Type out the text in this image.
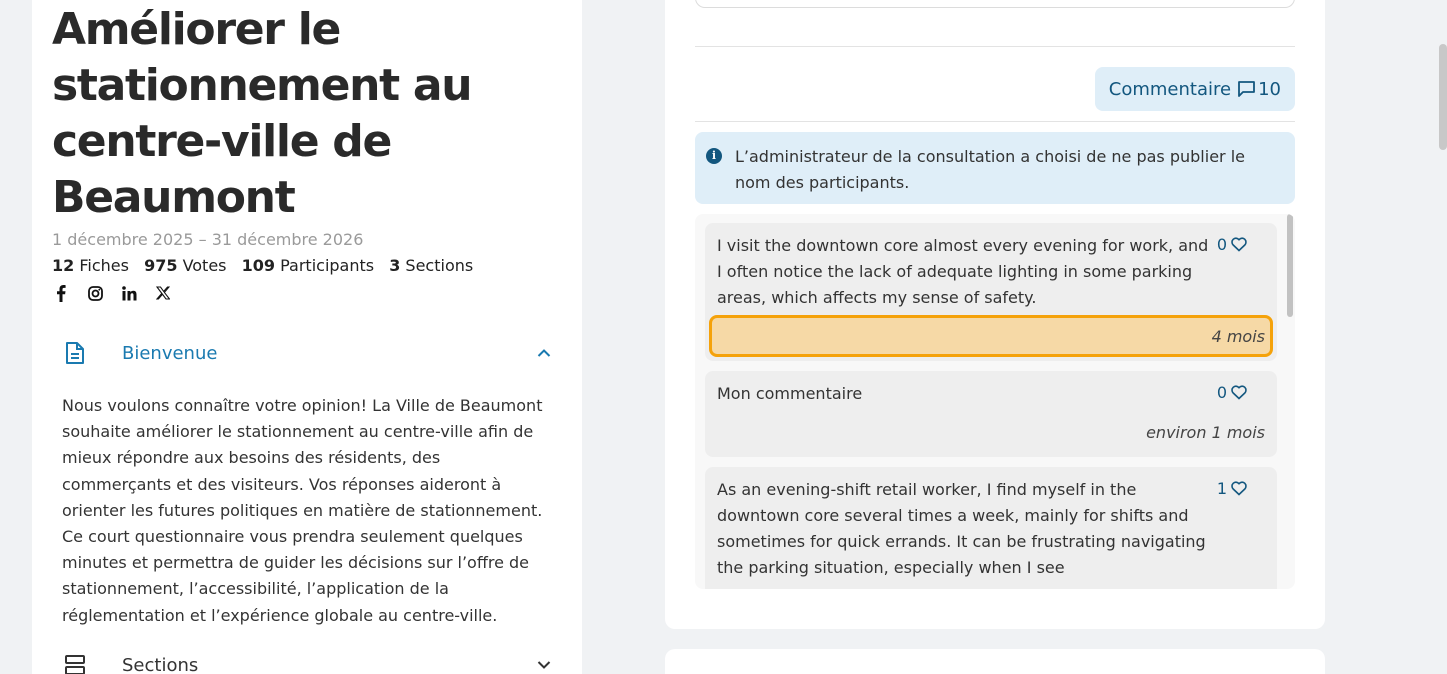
Améliorer le stationnement au centre-ville de Beaumont
1 décembre 2025 – 31 décembre 2026
12 Fiches 975 Votes 109 Participants 3 Sections
Bienvenue

Nous voulons connaître votre opinion! La Ville de Beaumont souhaite améliorer le stationnement au centre-ville afin de mieux répondre aux besoins des résidents, des commerçants et des visiteurs. Vos réponses aideront à orienter les futures politiques en matière de stationnement. Ce court questionnaire vous prendra seulement quelques minutes et permettra de guider les décisions sur l’offre de stationnement, l’accessibilité, l’application de la réglementation et l’expérience globale au centre-ville.

Sections
Commentaire 10
i	L’administrateur de la consultation a choisi de ne pas publier le nom des participants.

I visit the downtown core almost every evening for work, and I often notice the lack of adequate lighting in some parking areas, which affects my sense of safety.

0
4 mois

Mon commentaire	0
environ 1 mois

As an evening-shift retail worker, I find myself in the downtown core several times a week, mainly for shifts and sometimes for quick errands. It can be frustrating navigating the parking situation, especially when I see

1
